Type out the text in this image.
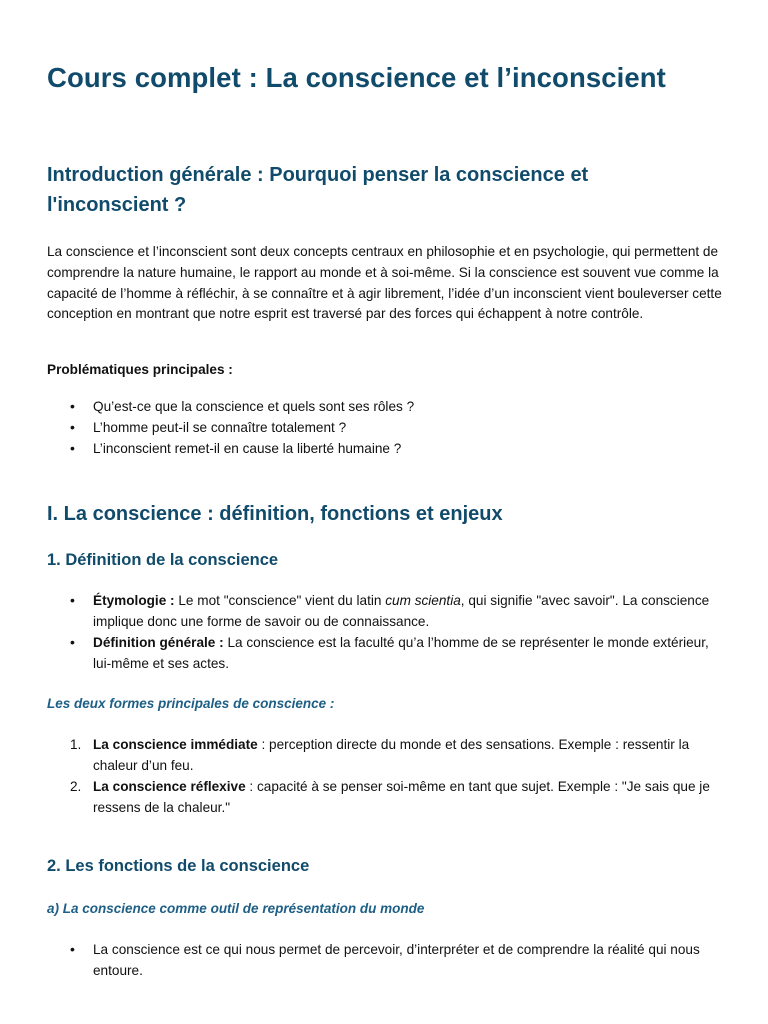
Cours complet : La conscience et l’inconscient
Introduction générale : Pourquoi penser la conscience et
l'inconscient ?

La conscience et l’inconscient sont deux concepts centraux en philosophie et en psychologie, qui permettent de comprendre la nature humaine, le rapport au monde et à soi-même. Si la conscience est souvent vue comme la capacité de l’homme à réfléchir, à se connaître et à agir librement, l’idée d’un inconscient vient bouleverser cette conception en montrant que notre esprit est traversé par des forces qui échappent à notre contrôle.

Problématiques principales :

• Qu’est-ce que la conscience et quels sont ses rôles ?
• L’homme peut-il se connaître totalement ?
• L’inconscient remet-il en cause la liberté humaine ?
I. La conscience : définition, fonctions et enjeux
1. Définition de la conscience
• Étymologie : Le mot "conscience" vient du latin cum scientia, qui signifie "avec savoir". La conscience implique donc une forme de savoir ou de connaissance.
• Définition générale : La conscience est la faculté qu’a l’homme de se représenter le monde extérieur, lui-même et ses actes.

Les deux formes principales de conscience :

1. La conscience immédiate : perception directe du monde et des sensations. Exemple : ressentir la chaleur d’un feu.
2. La conscience réflexive : capacité à se penser soi-même en tant que sujet. Exemple : "Je sais que je ressens de la chaleur."
2. Les fonctions de la conscience

a) La conscience comme outil de représentation du monde

• La conscience est ce qui nous permet de percevoir, d’interpréter et de comprendre la réalité qui nous entoure.
